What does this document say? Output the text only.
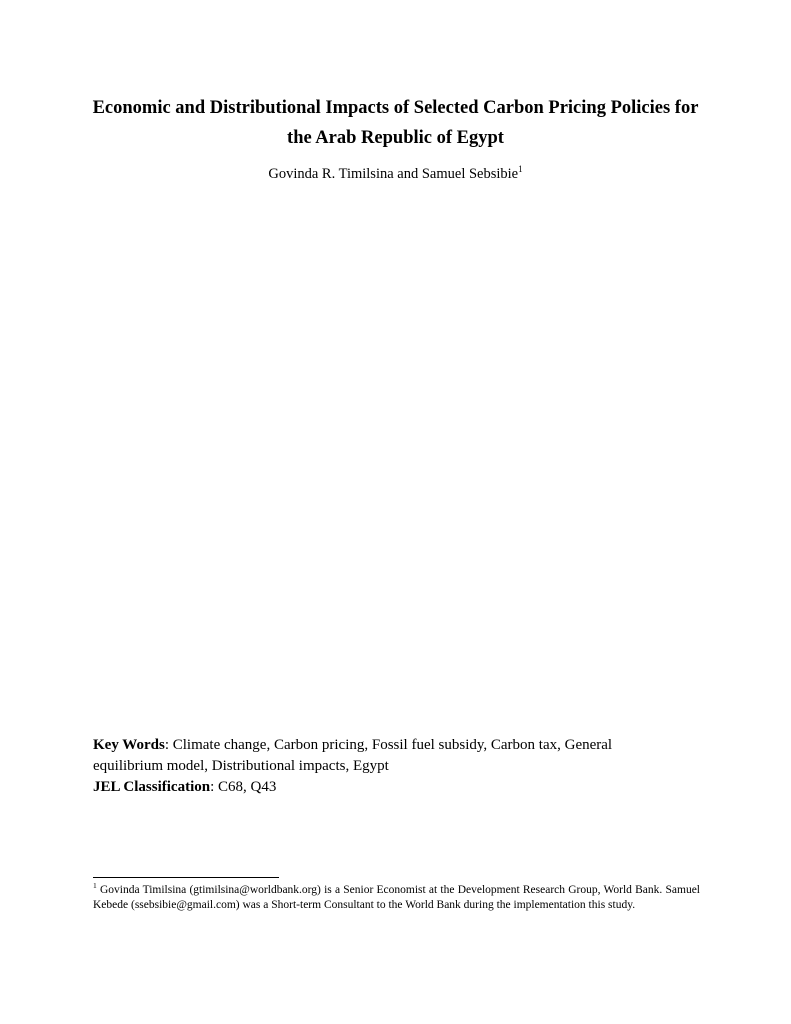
Economic and Distributional Impacts of Selected Carbon Pricing Policies for

the Arab Republic of Egypt

Govinda R. Timilsina and Samuel Sebsibie$^1$

Key Words: Climate change, Carbon pricing, Fossil fuel subsidy, Carbon tax, General

equilibrium model, Distributional impacts, Egypt

JEL Classification: C68, Q43

$^1$ Govinda Timilsina (gtimilsina@worldbank.org) is a Senior Economist at the Development Research Group, World Bank. Samuel Kebede (ssebsibie@gmail.com) was a Short-term Consultant to the World Bank during the implementation this study.
